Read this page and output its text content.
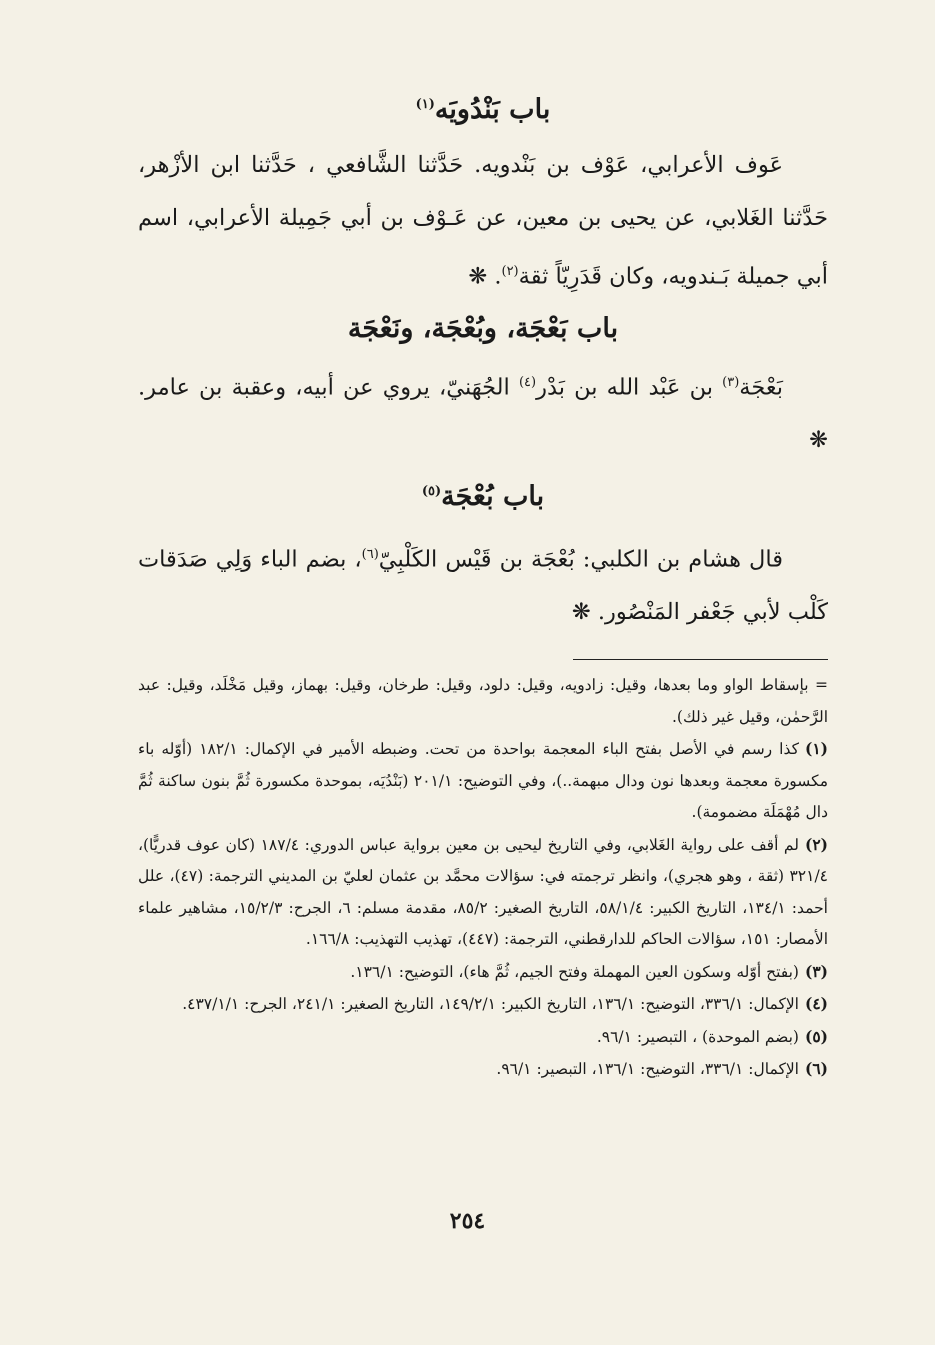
باب بَنْدُويَه$^{(١)}$

عَوف الأعرابي، عَوْف بن بَنْدويه. حَدَّثنا الشَّافعي ، حَدَّثنا ابن الأزْهر، حَدَّثنا الغَلابي، عن يحيى بن معين، عن عَـوْف بن أبي جَمِيلة الأعرابي، اسم أبي جميلة بَـندويه، وكان قَدَرِيّاً ثقة$^{(٢)}$. ❋

باب بَعْجَة، وبُعْجَة، ونَعْجَة

بَعْجَة$^{(٣)}$ بن عَبْد الله بن بَدْر$^{(٤)}$ الجُهَنيّ، يروي عن أبيه، وعقبة بن عامر. ❋

باب بُعْجَة$^{(٥)}$

قال هشام بن الكلبي: بُعْجَة بن قَيْس الكَلْبِيّ$^{(٦)}$، بضم الباء وَلِي صَدَقات كَلْب لأبي جَعْفر المَنْصُور. ❋

= بإسقاط الواو وما بعدها، وقيل: زادويه، وقيل: دلود، وقيل: طرخان، وقيل: بهماز، وقيل مَخْلَد، وقيل: عبد الرَّحمٰن، وقيل غير ذلك).

(١)كذا رسم في الأصل بفتح الباء المعجمة بواحدة من تحت. وضبطه الأمير في الإكمال: ١٨٢/١ (أوّله باء مكسورة معجمة وبعدها نون ودال مبهمة..)، وفي التوضيح: ٢٠١/١ (بَنْدُيَه، بموحدة مكسورة ثُمَّ بنون ساكنة ثُمَّ دال مُهْمَلَة مضمومة).

(٢)لم أقف على رواية الغَلابي، وفي التاريخ ليحيى بن معين برواية عباس الدوري: ١٨٧/٤ (كان عوف قدريًّا)، ٣٢١/٤ (ثقة ، وهو هجري)، وانظر ترجمته في: سؤالات محمَّد بن عثمان لعليّ بن المديني الترجمة: (٤٧)، علل أحمد: ١٣٤/١، التاريخ الكبير: ٥٨/١/٤، التاريخ الصغير: ٨٥/٢، مقدمة مسلم: ٦، الجرح: ١٥/٢/٣، مشاهير علماء الأمصار: ١٥١، سؤالات الحاكم للدارقطني، الترجمة: (٤٤٧)، تهذيب التهذيب: ١٦٦/٨.

(٣)(بفتح أوّله وسكون العين المهملة وفتح الجيم، ثُمَّ هاء)، التوضيح: ١٣٦/١.

(٤)الإكمال: ٣٣٦/١، التوضيح: ١٣٦/١، التاريخ الكبير: ١٤٩/٢/١، التاريخ الصغير: ٢٤١/١، الجرح: ٤٣٧/١/١.

(٥)(بضم الموحدة) ، التبصير: ٩٦/١.

(٦)الإكمال: ٣٣٦/١، التوضيح: ١٣٦/١، التبصير: ٩٦/١.

٢٥٤
